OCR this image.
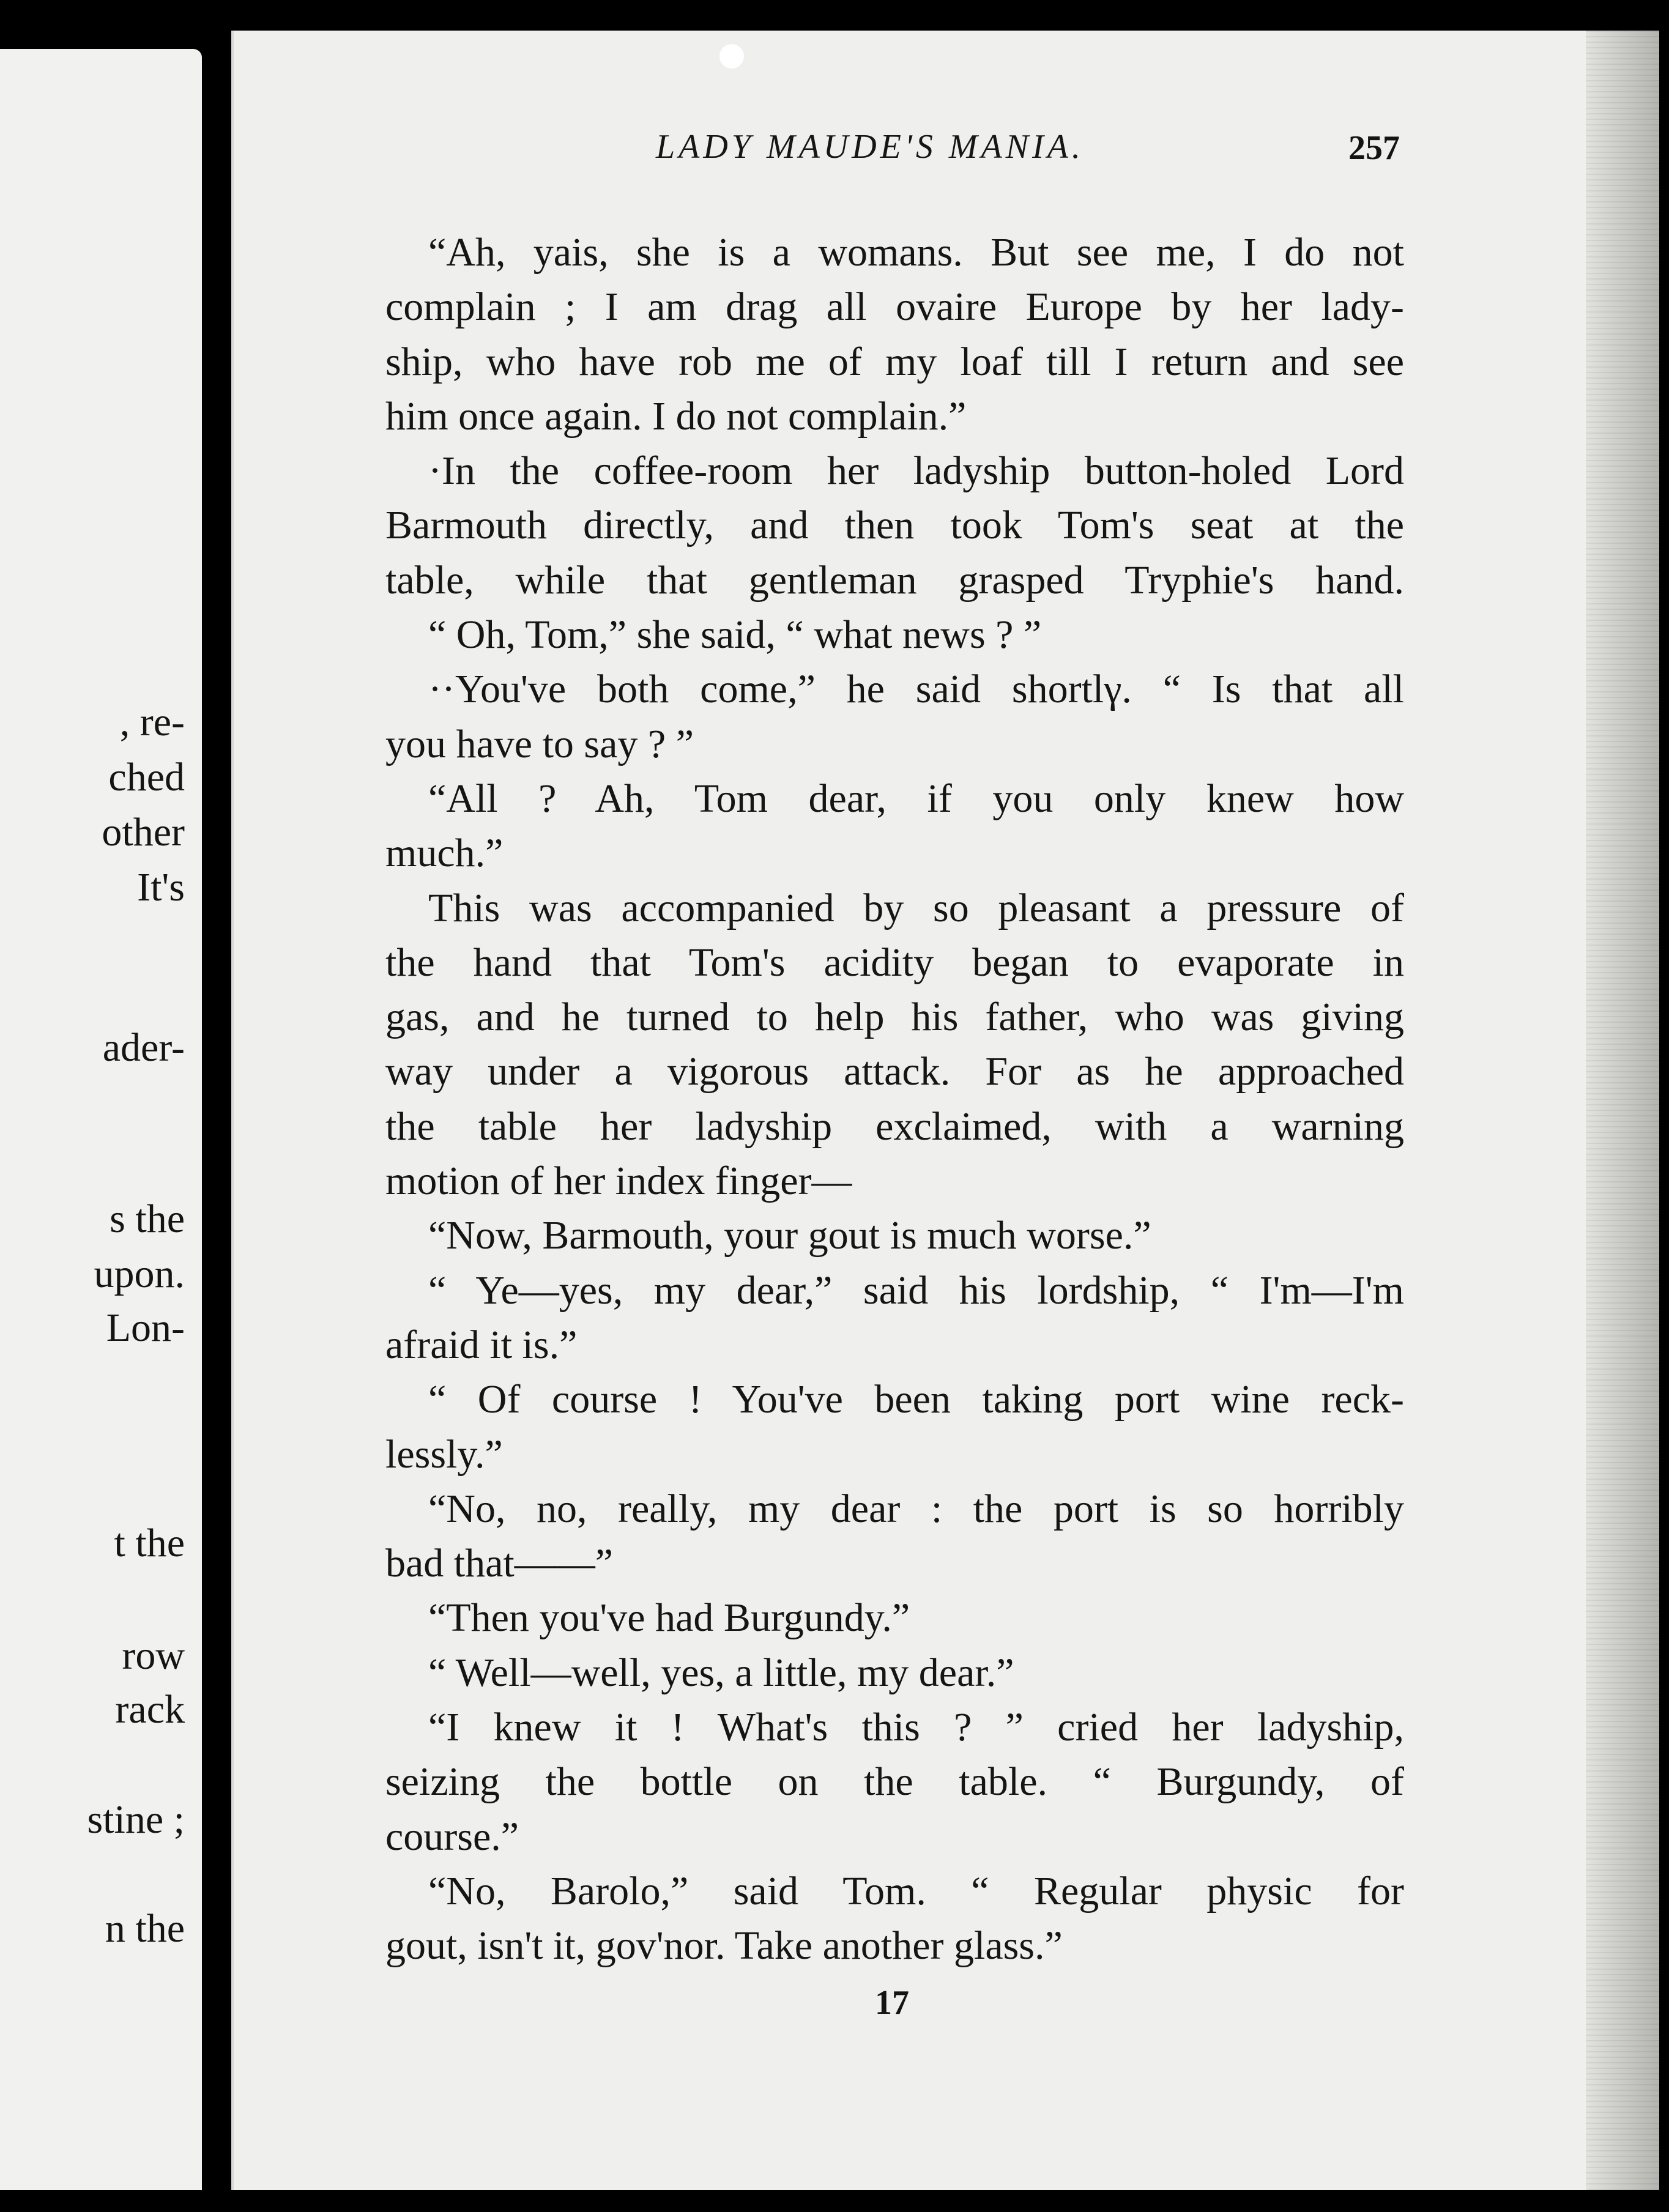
, re-
ched
other
It's
ader-
s the
upon.
Lon-
t the
row
rack
stine ;
n the
LADY MAUDE'S MANIA.	257
“Ah, yais, she is a womans. But see me, I do not
complain ; I am drag all ovaire Europe by her lady-
ship, who have rob me of my loaf till I return and see
him once again. I do not complain.”
·In the coffee-room her ladyship button-holed Lord
Barmouth directly, and then took Tom's seat at the
table, while that gentleman grasped Tryphie's hand.
“ Oh, Tom,” she said, “ what news ? ”
··You've both come,” he said shortlγ. “ Is that all
you have to say ? ”
“All ? Ah, Tom dear, if you only knew how
much.”
This was accompanied by so pleasant a pressure of
the hand that Tom's acidity began to evaporate in
gas, and he turned to help his father, who was giving
way under a vigorous attack. For as he approached
the table her ladyship exclaimed, with a warning
motion of her index finger—
“Now, Barmouth, your gout is much worse.”
“ Ye—yes, my dear,” said his lordship, “ I'm—I'm
afraid it is.”
“ Of course ! You've been taking port wine reck-
lessly.”
“No, no, really, my dear : the port is so horribly
bad that——”
“Then you've had Burgundy.”
“ Well—well, yes, a little, my dear.”
“I knew it ! What's this ? ” cried her ladyship,
seizing the bottle on the table. “ Burgundy, of
course.”
“No, Barolo,” said Tom. “ Regular physic for
gout, isn't it, gov'nor. Take another glass.”
17
